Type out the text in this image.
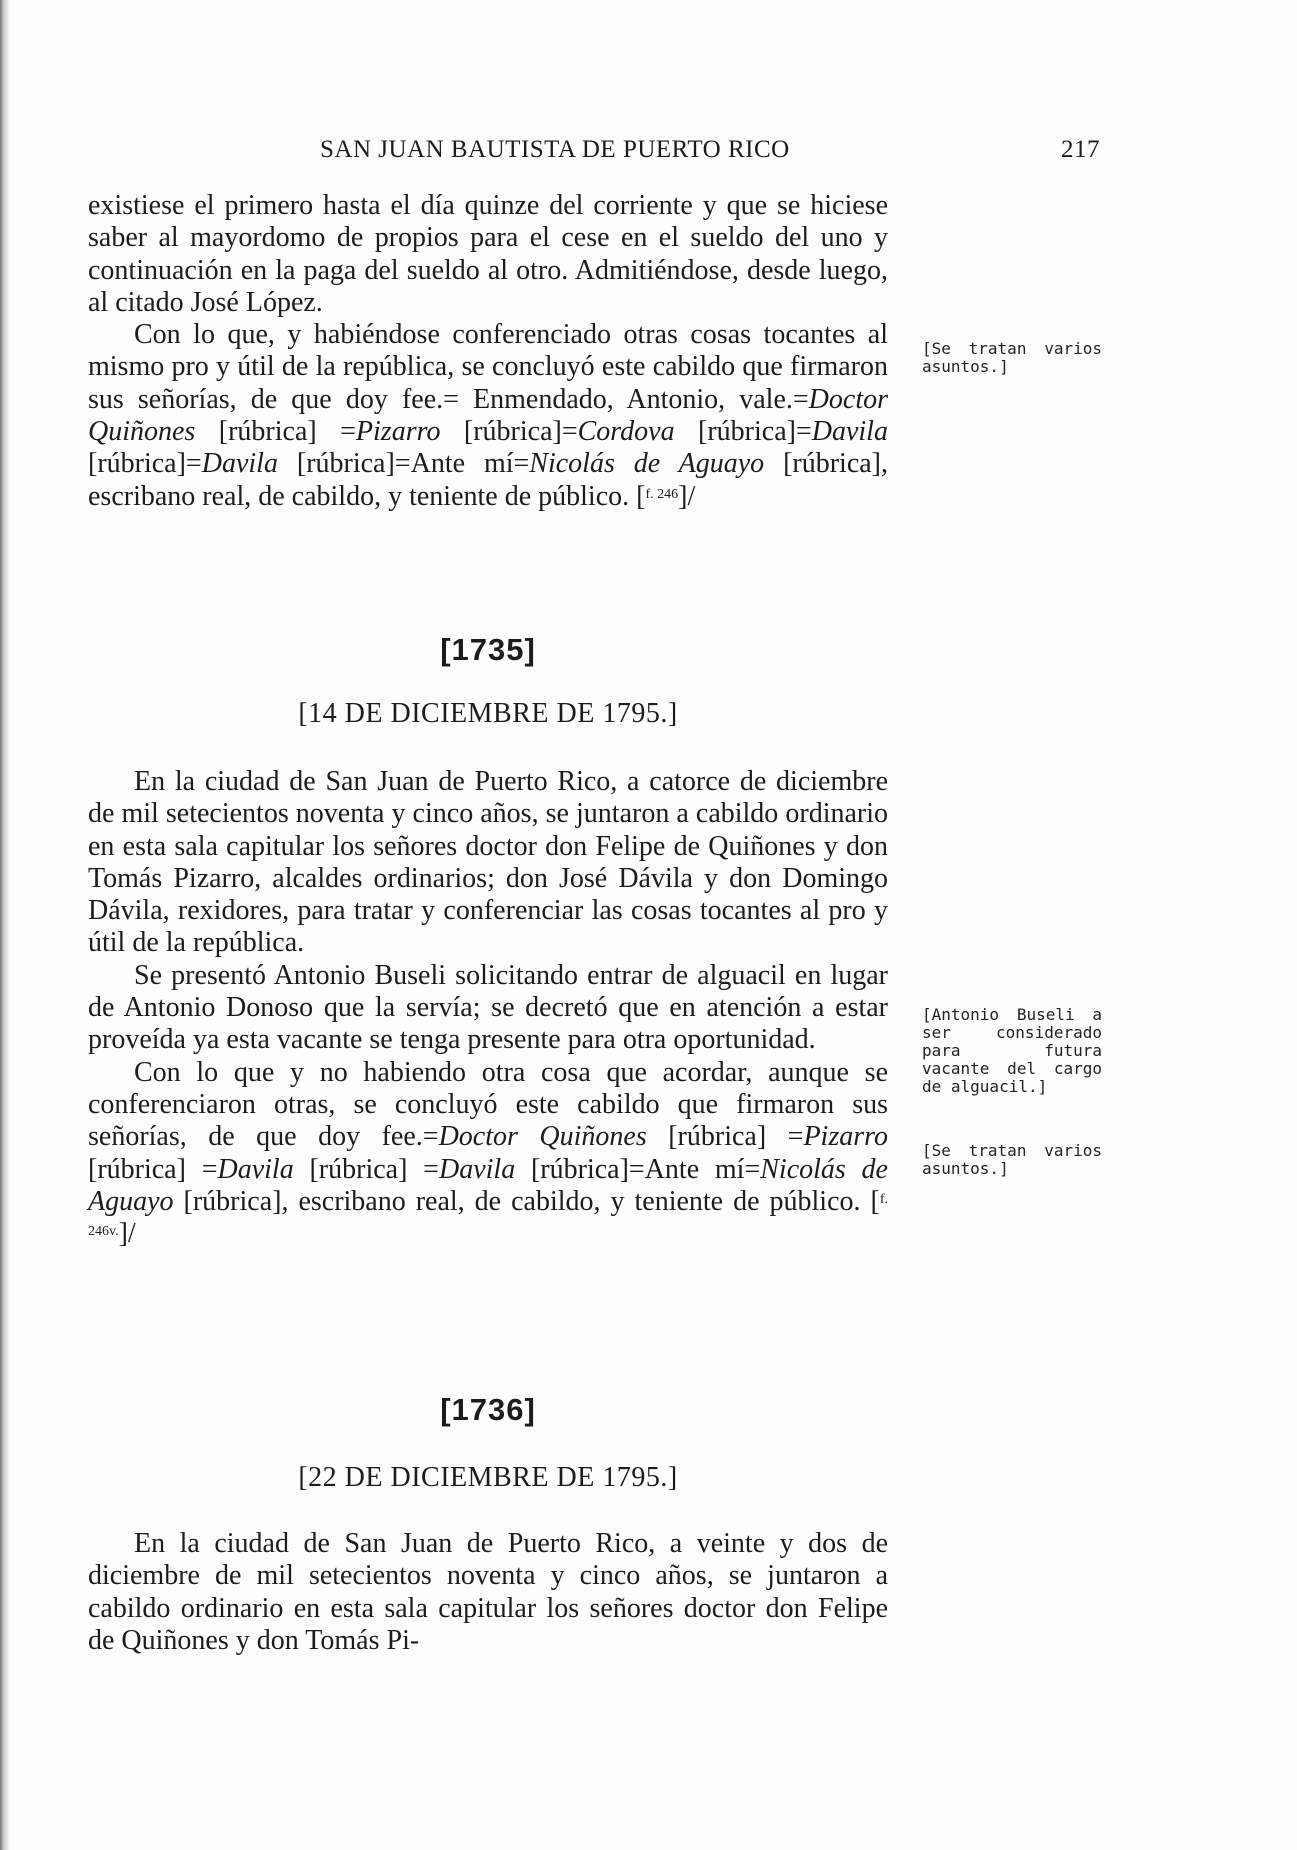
SAN JUAN BAUTISTA DE PUERTO RICO	217

existiese el primero hasta el día quinze del corriente y que se hiciese saber al mayordomo de propios para el cese en el sueldo del uno y continuación en la paga del sueldo al otro. Admitiéndose, desde luego, al citado José López.

Con lo que, y habiéndose conferenciado otras cosas tocantes al mismo pro y útil de la república, se concluyó este cabildo que firmaron sus señorías, de que doy fee.= Enmendado, Antonio, vale.=Doctor Quiñones [rúbrica] =Pizarro [rúbrica]=Cordova [rúbrica]=Davila [rúbrica]=Davila [rúbrica]=Ante mí=Nicolás de Aguayo [rúbrica], escribano real, de cabildo, y teniente de público. [$^{f. 246}$]/

[Se tratan varios asuntos.]
[1735]
[14 DE DICIEMBRE DE 1795.]

En la ciudad de San Juan de Puerto Rico, a catorce de diciembre de mil setecientos noventa y cinco años, se juntaron a cabildo ordinario en esta sala capitular los señores doctor don Felipe de Quiñones y don Tomás Pizarro, alcaldes ordinarios; don José Dávila y don Domingo Dávila, rexidores, para tratar y conferenciar las cosas tocantes al pro y útil de la república.

Se presentó Antonio Buseli solicitando entrar de alguacil en lugar de Antonio Donoso que la servía; se decretó que en atención a estar proveída ya esta vacante se tenga presente para otra oportunidad.

Con lo que y no habiendo otra cosa que acordar, aunque se conferenciaron otras, se concluyó este cabildo que firmaron sus señorías, de que doy fee.=Doctor Quiñones [rúbrica] =Pizarro [rúbrica] =Davila [rúbrica] =Davila [rúbrica]=Ante mí=Nicolás de Aguayo [rúbrica], escribano real, de cabildo, y teniente de público. [$^{f. 246v.}$]/

[Antonio Buseli a ser considerado para futura vacante del cargo de alguacil.]
[Se tratan varios asuntos.]
[1736]
[22 DE DICIEMBRE DE 1795.]

En la ciudad de San Juan de Puerto Rico, a veinte y dos de diciembre de mil setecientos noventa y cinco años, se juntaron a cabildo ordinario en esta sala capitular los señores doctor don Felipe de Quiñones y don Tomás Pi-
